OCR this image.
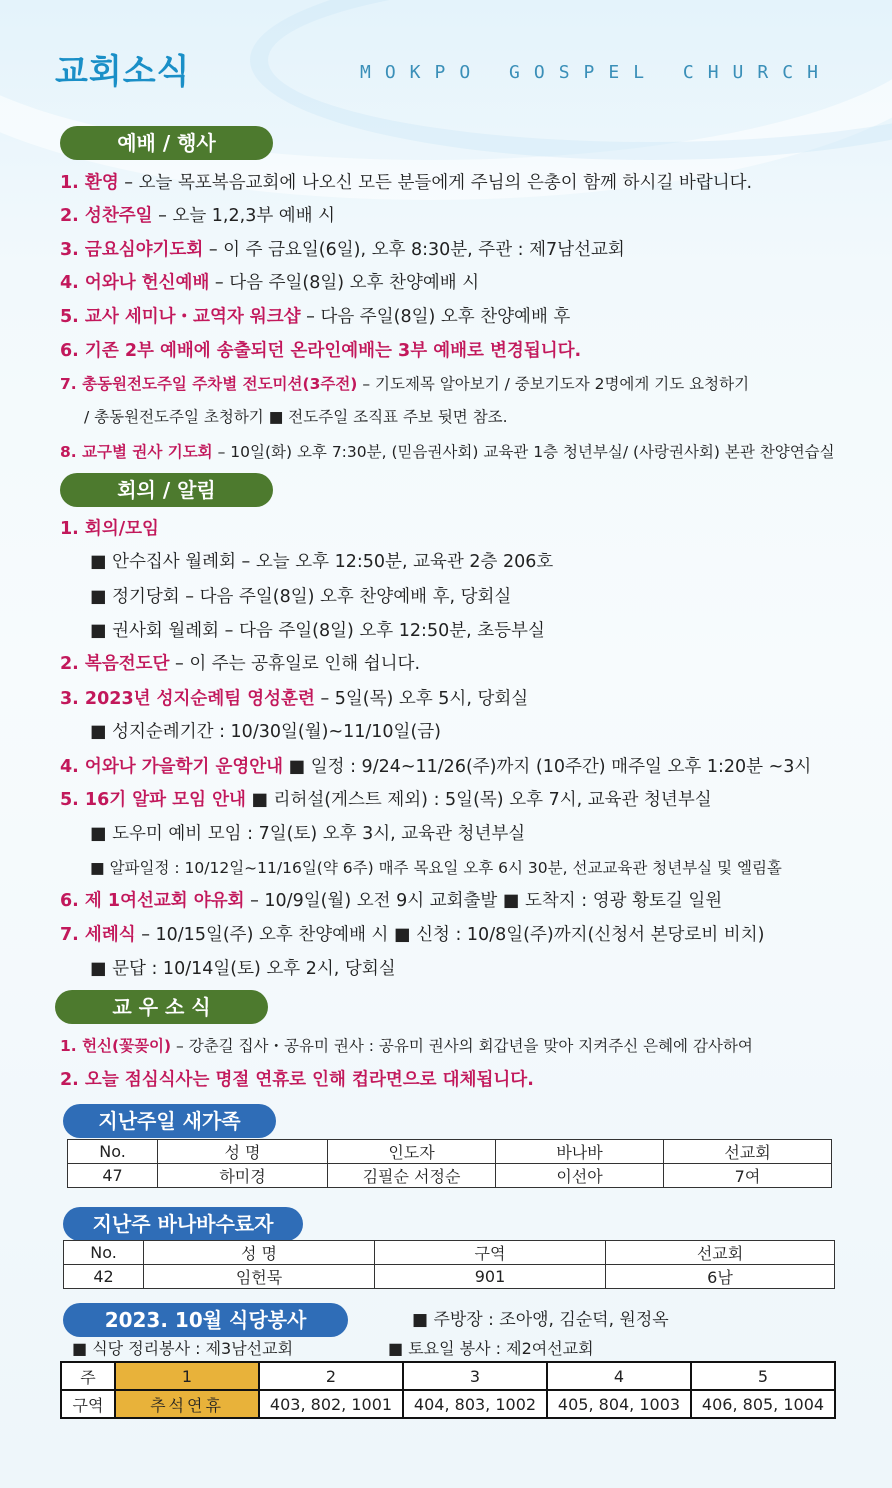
교회소식	MOKPO GOSPEL CHURCH
예배 / 행사
1. 환영 – 오늘 목포복음교회에 나오신 모든 분들에게 주님의 은총이 함께 하시길 바랍니다.
2. 성찬주일 – 오늘 1,2,3부 예배 시
3. 금요심야기도회 – 이 주 금요일(6일), 오후 8:30분, 주관 : 제7남선교회
4. 어와나 헌신예배 – 다음 주일(8일) 오후 찬양예배 시
5. 교사 세미나・교역자 워크샵 – 다음 주일(8일) 오후 찬양예배 후
6. 기존 2부 예배에 송출되던 온라인예배는 3부 예배로 변경됩니다.
7. 총동원전도주일 주차별 전도미션(3주전) – 기도제목 알아보기 / 중보기도자 2명에게 기도 요청하기
/ 총동원전도주일 초청하기 ■ 전도주일 조직표 주보 뒷면 참조.
8. 교구별 권사 기도회 – 10일(화) 오후 7:30분, (믿음권사회) 교육관 1층 청년부실/ (사랑권사회) 본관 찬양연습실
회의 / 알림
1. 회의/모임
■ 안수집사 월례회 – 오늘 오후 12:50분, 교육관 2층 206호
■ 정기당회 – 다음 주일(8일) 오후 찬양예배 후, 당회실
■ 권사회 월례회 – 다음 주일(8일) 오후 12:50분, 초등부실
2. 복음전도단 – 이 주는 공휴일로 인해 쉽니다.
3. 2023년 성지순례팀 영성훈련 – 5일(목) 오후 5시, 당회실
■ 성지순례기간 : 10/30일(월)~11/10일(금)
4. 어와나 가을학기 운영안내 ■ 일정 : 9/24~11/26(주)까지 (10주간) 매주일 오후 1:20분 ~3시
5. 16기 알파 모임 안내 ■ 리허설(게스트 제외) : 5일(목) 오후 7시, 교육관 청년부실
■ 도우미 예비 모임 : 7일(토) 오후 3시, 교육관 청년부실
■ 알파일정 : 10/12일~11/16일(약 6주) 매주 목요일 오후 6시 30분, 선교교육관 청년부실 및 엘림홀
6. 제 1여선교회 야유회 – 10/9일(월) 오전 9시 교회출발 ■ 도착지 : 영광 황토길 일원
7. 세례식 – 10/15일(주) 오후 찬양예배 시 ■ 신청 : 10/8일(주)까지(신청서 본당로비 비치)
■ 문답 : 10/14일(토) 오후 2시, 당회실
교 우 소 식
1. 헌신(꽃꽂이) – 강춘길 집사・공유미 권사 : 공유미 권사의 회갑년을 맞아 지켜주신 은혜에 감사하여
2. 오늘 점심식사는 명절 연휴로 인해 컵라면으로 대체됩니다.
지난주일 새가족
No.	성 명	인도자	바나바	선교회
47	하미경	김필순 서정순	이선아	7여
지난주 바나바수료자
No.	성 명	구역	선교회
42	임헌묵	901	6남
2023. 10월 식당봉사	■ 주방장 : 조아앵, 김순덕, 원정옥
■ 식당 정리봉사 : 제3남선교회	■ 토요일 봉사 : 제2여선교회
주	1	2	3	4	5
구역	추석연휴	403, 802, 1001	404, 803, 1002	405, 804, 1003	406, 805, 1004
